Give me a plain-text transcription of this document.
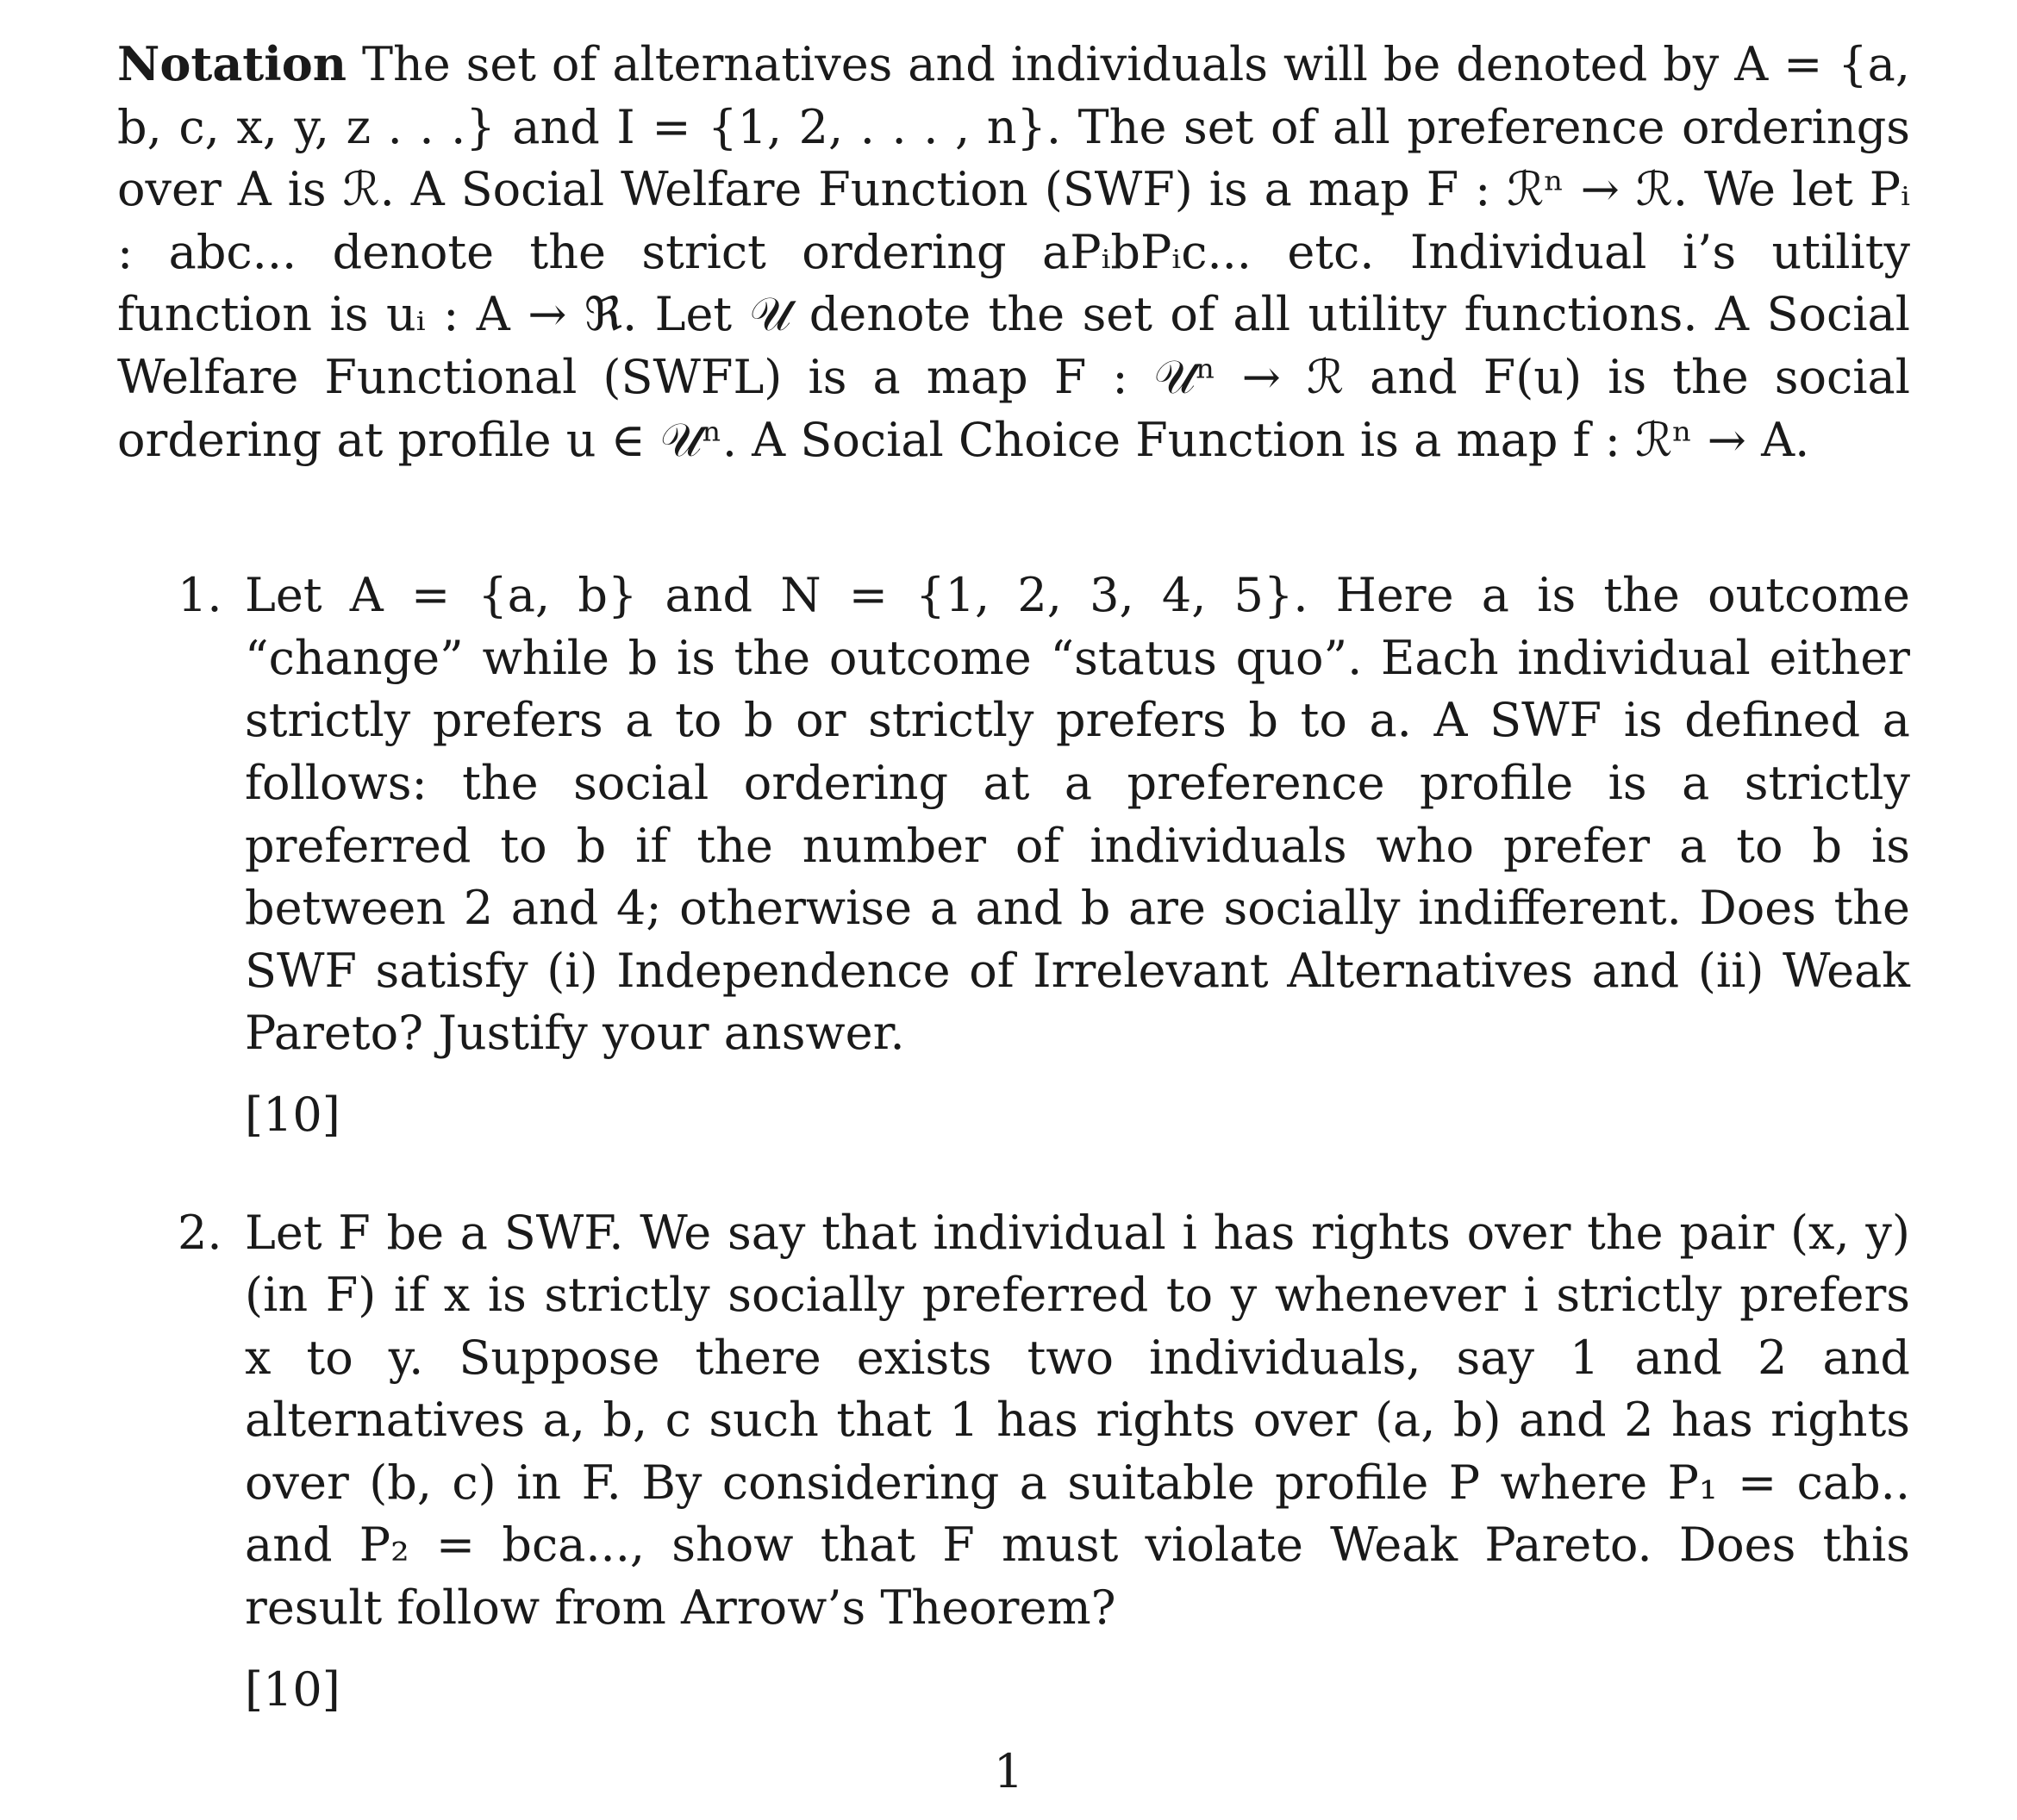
Notation The set of alternatives and individuals will be denoted by A = {a, b, c, x, y, z . . .} and I = {1, 2, . . . , n}. The set of all preference orderings over A is ℛ. A Social Welfare Function (SWF) is a map F : ℛⁿ → ℛ. We let Pᵢ : abc... denote the strict ordering aPᵢbPᵢc... etc. Individual i’s utility function is uᵢ : A → ℜ. Let 𝒰 denote the set of all utility functions. A Social Welfare Functional (SWFL) is a map F : 𝒰ⁿ → ℛ and F(u) is the social ordering at profile u ∈ 𝒰ⁿ. A Social Choice Function is a map f : ℛⁿ → A.

1. Let A = {a, b} and N = {1, 2, 3, 4, 5}. Here a is the outcome “change” while b is the outcome “status quo”. Each individual either strictly prefers a to b or strictly prefers b to a. A SWF is defined a follows: the social ordering at a preference profile is a strictly preferred to b if the number of individuals who prefer a to b is between 2 and 4; otherwise a and b are socially indifferent. Does the SWF satisfy (i) Independence of Irrelevant Alternatives and (ii) Weak Pareto? Justify your answer.
[10]
2. Let F be a SWF. We say that individual i has rights over the pair (x, y) (in F) if x is strictly socially preferred to y whenever i strictly prefers x to y. Suppose there exists two individuals, say 1 and 2 and alternatives a, b, c such that 1 has rights over (a, b) and 2 has rights over (b, c) in F. By considering a suitable profile P where P₁ = cab.. and P₂ = bca..., show that F must violate Weak Pareto. Does this result follow from Arrow’s Theorem?
[10]
1
